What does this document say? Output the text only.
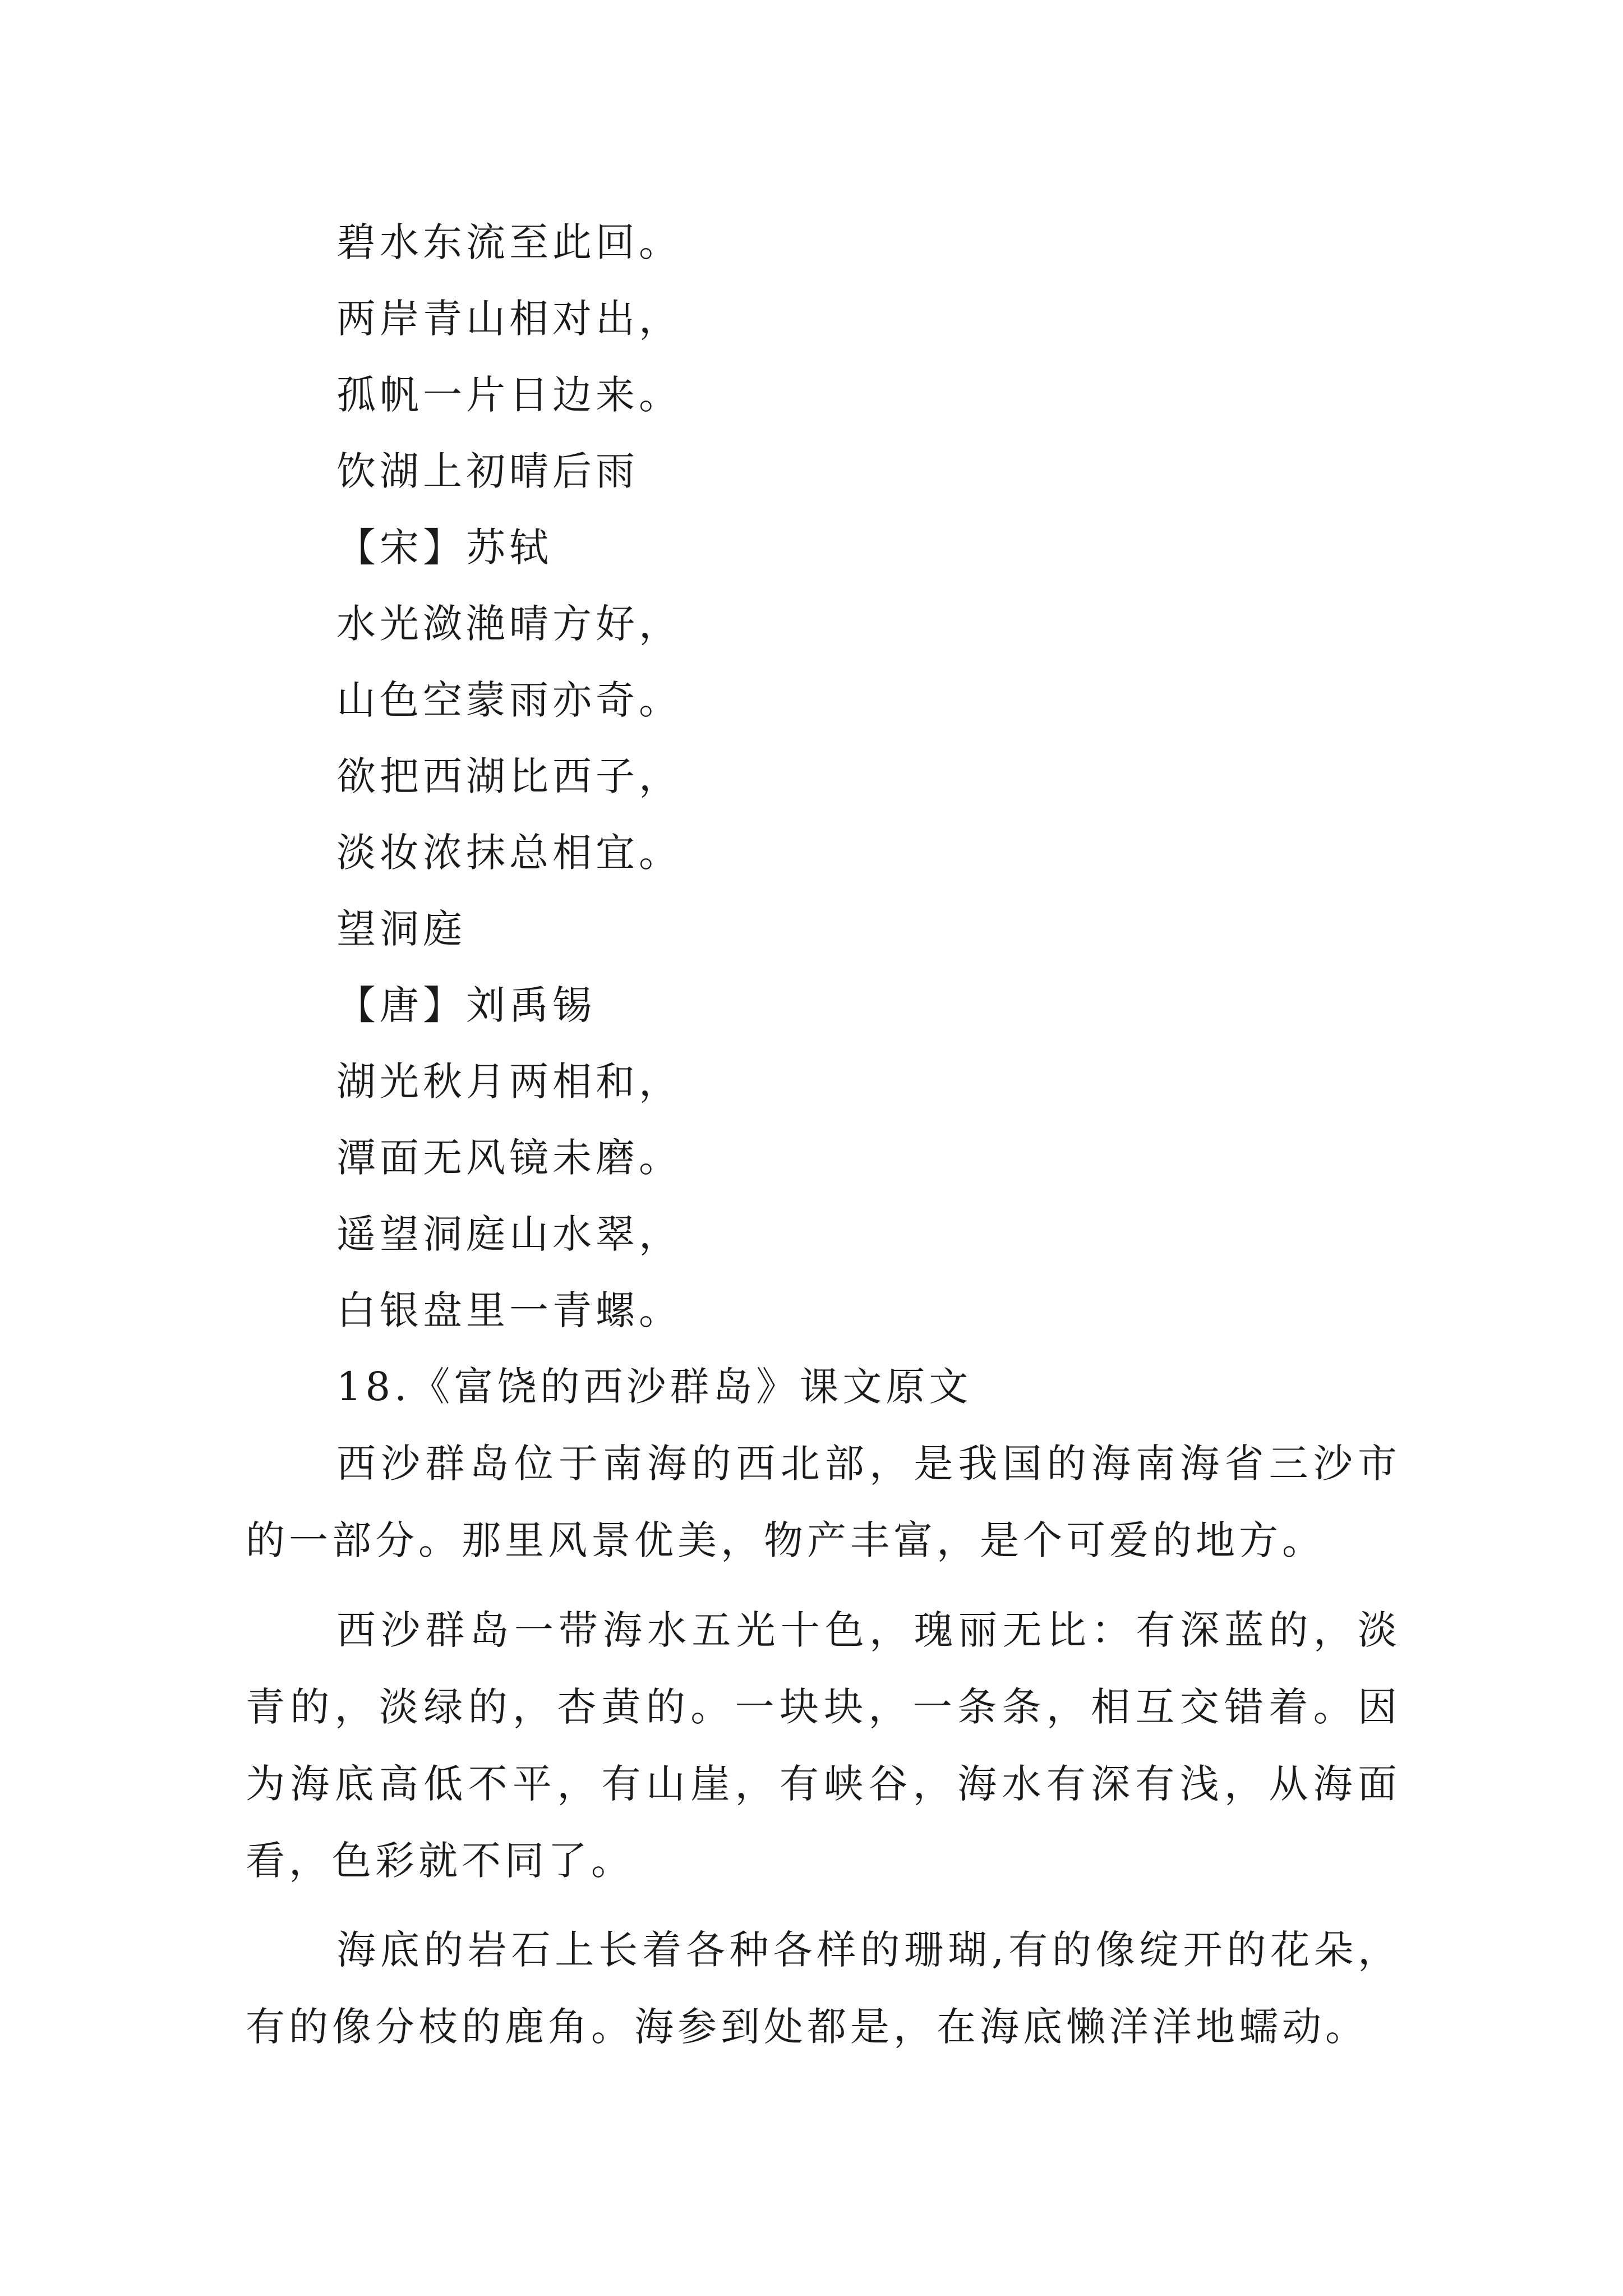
碧水东流至此回。
两岸青山相对出，
孤帆一片日边来。
饮湖上初晴后雨
【宋】苏轼
水光潋滟晴方好，
山色空蒙雨亦奇。
欲把西湖比西子，
淡妆浓抹总相宜。
望洞庭
【唐】刘禹锡
湖光秋月两相和，
潭面无风镜未磨。
遥望洞庭山水翠，
白银盘里一青螺。
18.《富饶的西沙群岛》课文原文
西沙群岛位于南海的西北部，是我国的海南海省三沙市的一部分。那里风景优美，物产丰富，是个可爱的地方。
西沙群岛一带海水五光十色，瑰丽无比：有深蓝的，淡青的，淡绿的，杏黄的。一块块，一条条，相互交错着。因为海底高低不平，有山崖，有峡谷，海水有深有浅，从海面看，色彩就不同了。
海底的岩石上长着各种各样的珊瑚,有的像绽开的花朵，有的像分枝的鹿角。海参到处都是，在海底懒洋洋地蠕动。
